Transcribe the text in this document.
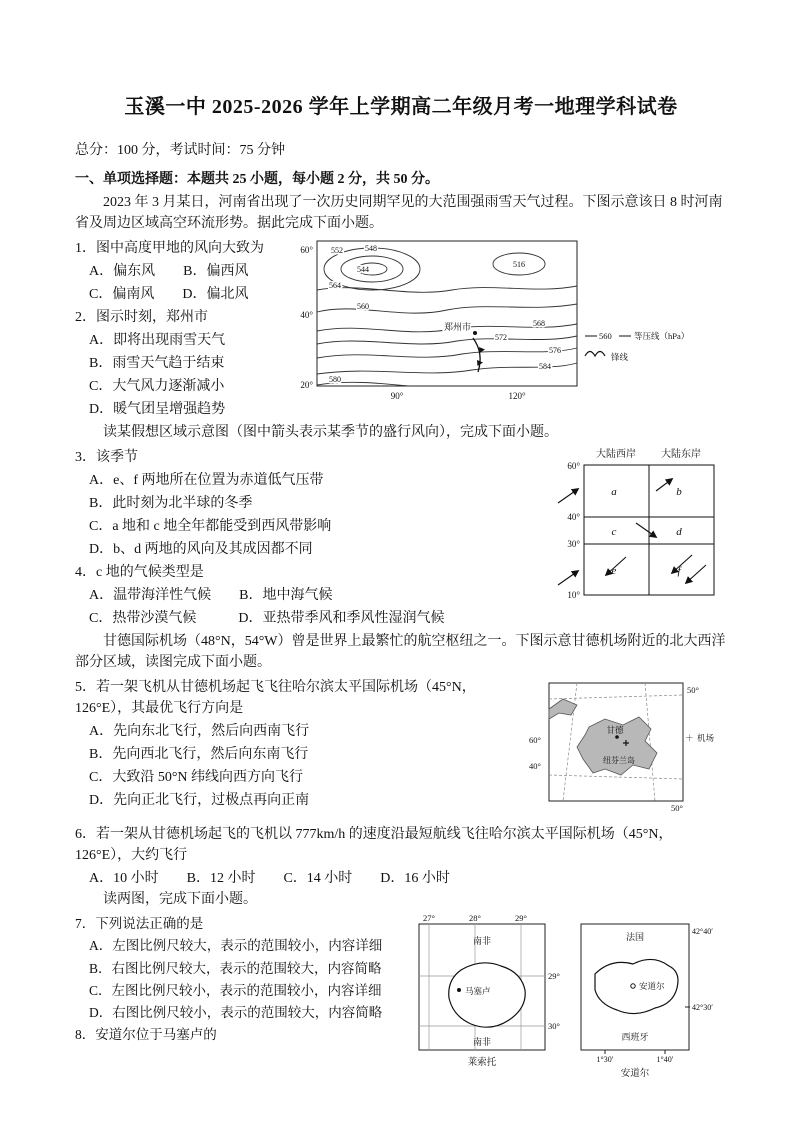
玉溪一中 2025-2026 学年上学期高二年级月考一地理学科试卷

总分：100 分，考试时间：75 分钟

一、单项选择题：本题共 25 小题，每小题 2 分，共 50 分。

2023 年 3 月某日，河南省出现了一次历史同期罕见的大范围强雨雪天气过程。下图示意该日 8 时河南省及周边区域高空环流形势。据此完成下面小题。

1．图中高度甲地的风向大致为

A．偏东风　　B．偏西风

C．偏南风　　D．偏北风

2．图示时刻，郑州市

A．即将出现雨雪天气

B．雨雪天气趋于结束

C．大气风力逐渐减小

D．暖气团呈增强趋势

60°
40°
20°
90°	120°
552	548
544
516
564
560
568
572
576
584
580
郑州市
560	等压线（hPa）
锋线

读某假想区域示意图（图中箭头表示某季节的盛行风向），完成下面小题。

3．该季节

A．e、f 两地所在位置为赤道低气压带

B．此时刻为北半球的冬季

C．a 地和 c 地全年都能受到西风带影响

D．b、d 两地的风向及其成因都不同

4．c 地的气候类型是

A．温带海洋性气候　　B．地中海气候

C．热带沙漠气候　　　D．亚热带季风和季风性湿润气候

大陆西岸	大陆东岸
60°
40°
30°
10°
a	b
c	d
e	f

甘德国际机场（48°N，54°W）曾是世界上最繁忙的航空枢纽之一。下图示意甘德机场附近的北大西洋部分区域，读图完成下面小题。

5．若一架飞机从甘德机场起飞飞往哈尔滨太平国际机场（45°N，126°E），其最优飞行方向是

A．先向东北飞行，然后向西南飞行

B．先向西北飞行，然后向东南飞行

C．大致沿 50°N 纬线向西方向飞行

D．先向正北飞行，过极点再向正南

甘德
纽芬兰岛
50°
60°
40°
50°
＋ 机场

6．若一架从甘德机场起飞的飞机以 777km/h 的速度沿最短航线飞往哈尔滨太平国际机场（45°N，126°E），大约飞行

A．10 小时　　B．12 小时　　C．14 小时　　D．16 小时

读两图，完成下面小题。

7．下列说法正确的是

A．左图比例尺较大，表示的范围较小，内容详细

B．右图比例尺较大，表示的范围较大，内容简略

C．左图比例尺较小，表示的范围较小，内容详细

D．右图比例尺较小，表示的范围较大，内容简略

8．安道尔位于马塞卢的

27°	28°	29°
29°
30°
南非
马塞卢
南非
莱索托
法国
安道尔
西班牙
42°40′
42°30′
1°30′	1°40′
安道尔
